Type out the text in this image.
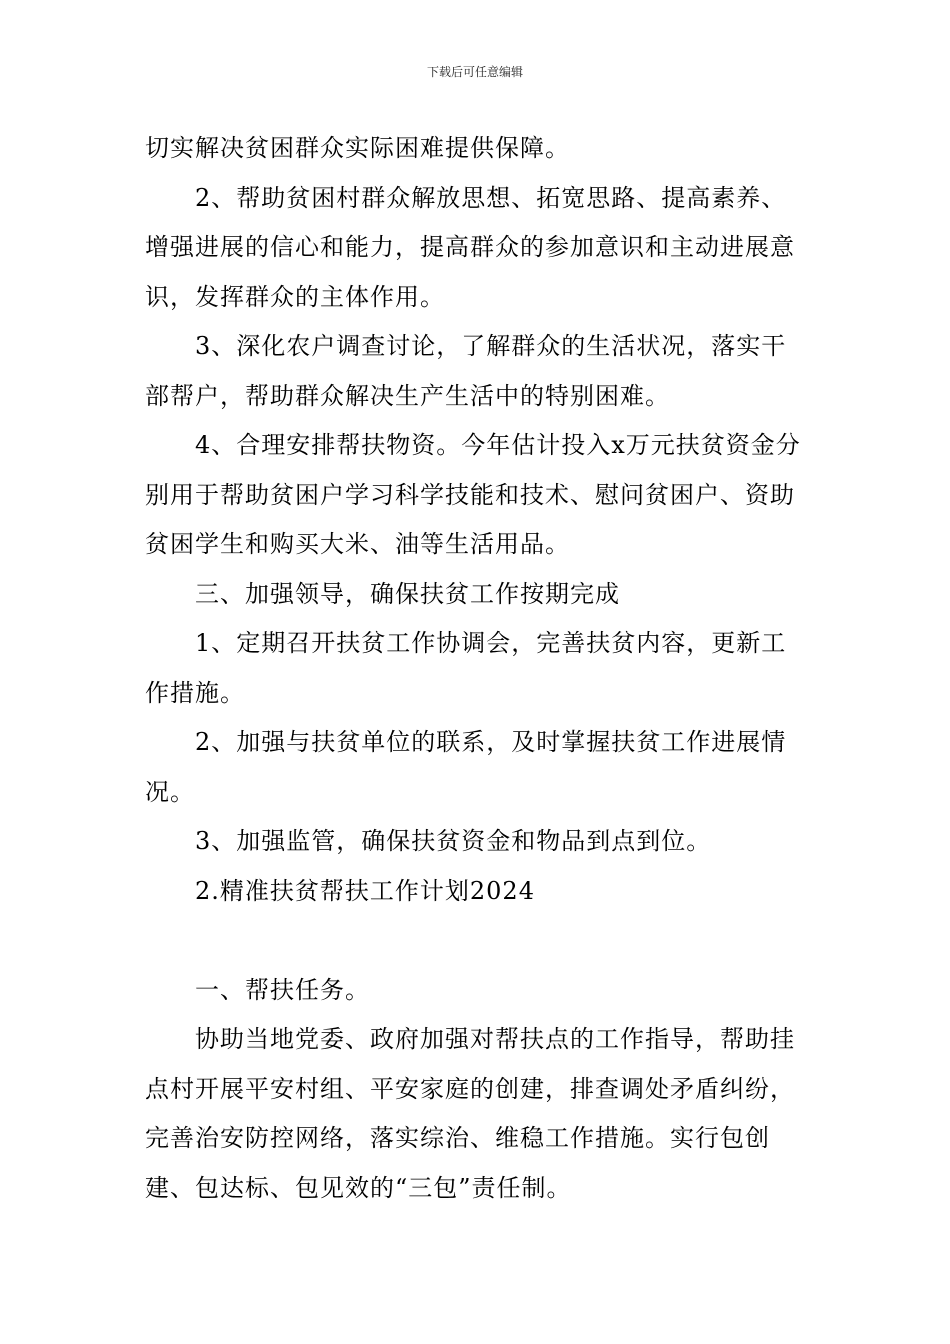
下载后可任意编辑

切实解决贫困群众实际困难提供保障。

2、帮助贫困村群众解放思想、拓宽思路、提高素养、增强进展的信心和能力，提高群众的参加意识和主动进展意识，发挥群众的主体作用。

3、深化农户调查讨论，了解群众的生活状况，落实干部帮户，帮助群众解决生产生活中的特别困难。

4、合理安排帮扶物资。今年估计投入x万元扶贫资金分别用于帮助贫困户学习科学技能和技术、慰问贫困户、资助贫困学生和购买大米、油等生活用品。

三、加强领导，确保扶贫工作按期完成

1、定期召开扶贫工作协调会，完善扶贫内容，更新工作措施。

2、加强与扶贫单位的联系，及时掌握扶贫工作进展情况。

3、加强监管，确保扶贫资金和物品到点到位。

2.精准扶贫帮扶工作计划2024

一、帮扶任务。

协助当地党委、政府加强对帮扶点的工作指导，帮助挂点村开展平安村组、平安家庭的创建，排查调处矛盾纠纷，完善治安防控网络，落实综治、维稳工作措施。实行包创建、包达标、包见效的“三包”责任制。
